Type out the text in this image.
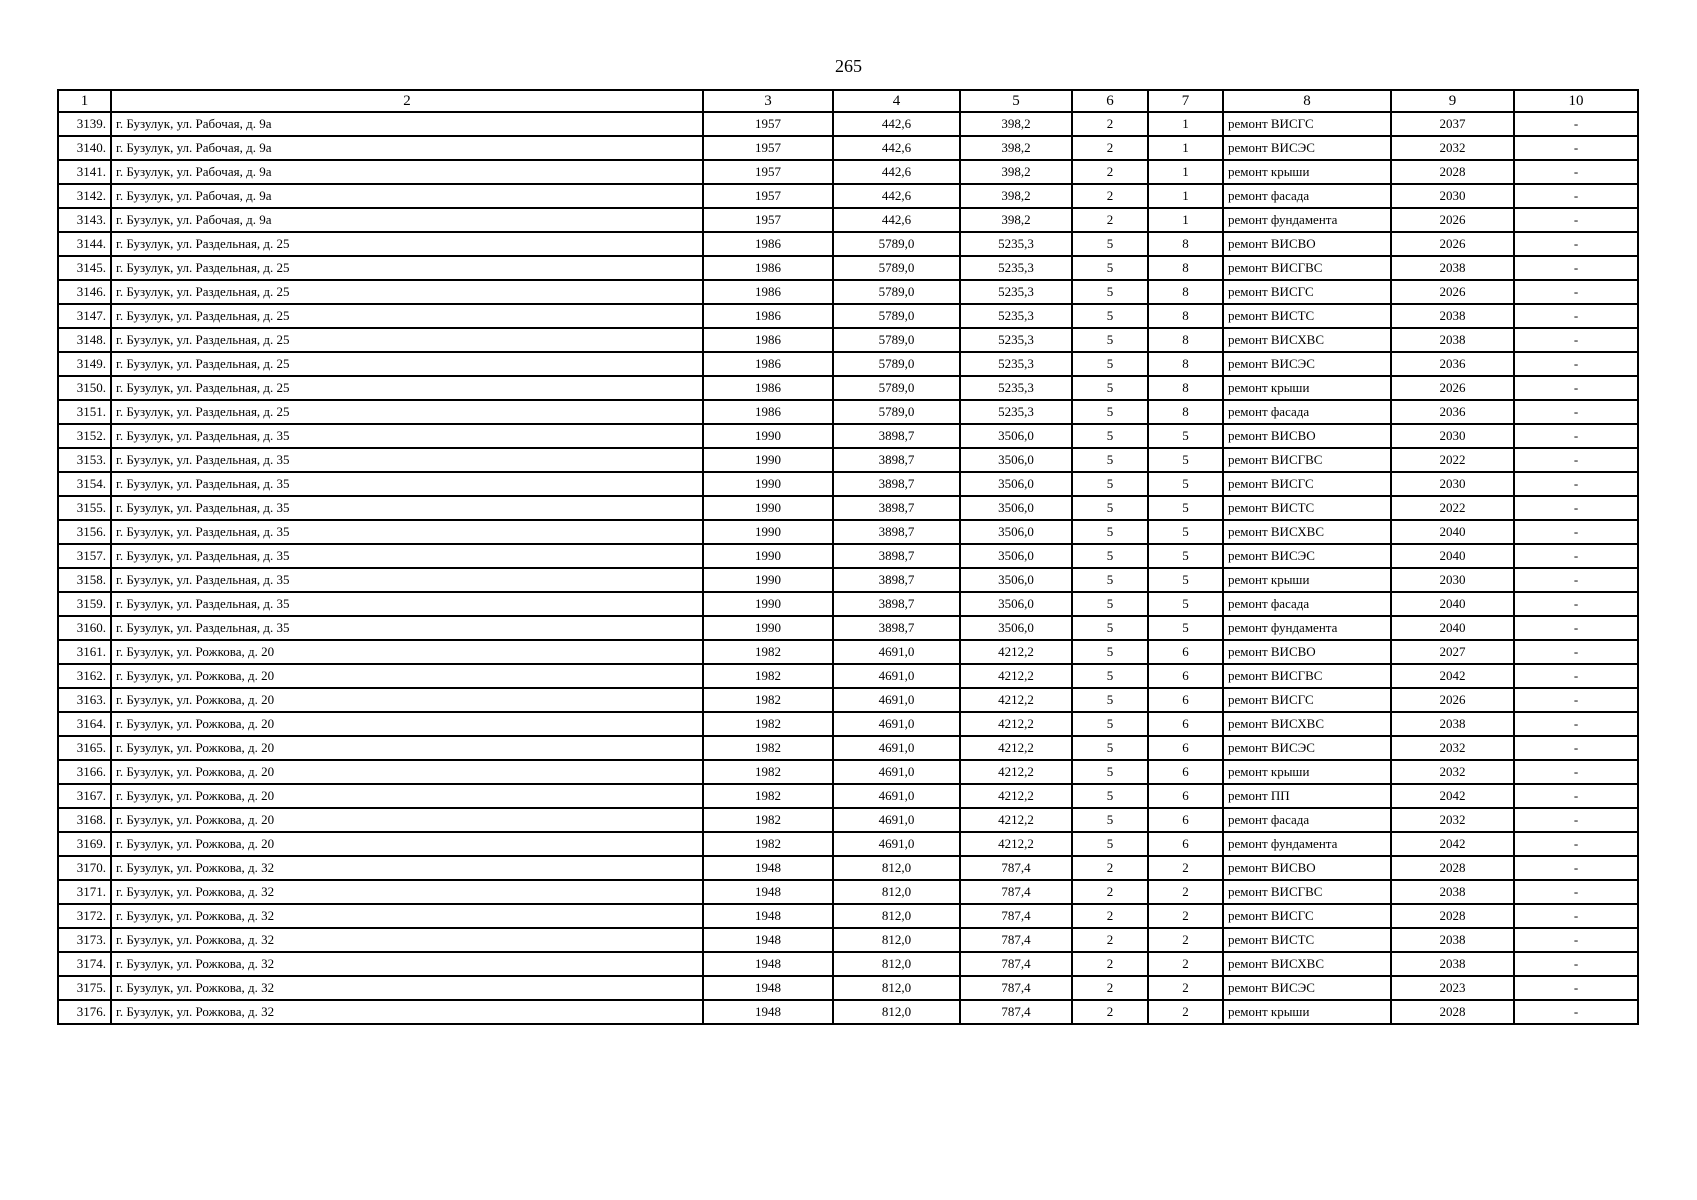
265
1	2	3	4	5	6	7	8	9	10
3139.	г. Бузулук, ул. Рабочая, д. 9а	1957	442,6	398,2	2	1	ремонт ВИСГС	2037	-
3140.	г. Бузулук, ул. Рабочая, д. 9а	1957	442,6	398,2	2	1	ремонт ВИСЭС	2032	-
3141.	г. Бузулук, ул. Рабочая, д. 9а	1957	442,6	398,2	2	1	ремонт крыши	2028	-
3142.	г. Бузулук, ул. Рабочая, д. 9а	1957	442,6	398,2	2	1	ремонт фасада	2030	-
3143.	г. Бузулук, ул. Рабочая, д. 9а	1957	442,6	398,2	2	1	ремонт фундамента	2026	-
3144.	г. Бузулук, ул. Раздельная, д. 25	1986	5789,0	5235,3	5	8	ремонт ВИСВО	2026	-
3145.	г. Бузулук, ул. Раздельная, д. 25	1986	5789,0	5235,3	5	8	ремонт ВИСГВС	2038	-
3146.	г. Бузулук, ул. Раздельная, д. 25	1986	5789,0	5235,3	5	8	ремонт ВИСГС	2026	-
3147.	г. Бузулук, ул. Раздельная, д. 25	1986	5789,0	5235,3	5	8	ремонт ВИСТС	2038	-
3148.	г. Бузулук, ул. Раздельная, д. 25	1986	5789,0	5235,3	5	8	ремонт ВИСХВС	2038	-
3149.	г. Бузулук, ул. Раздельная, д. 25	1986	5789,0	5235,3	5	8	ремонт ВИСЭС	2036	-
3150.	г. Бузулук, ул. Раздельная, д. 25	1986	5789,0	5235,3	5	8	ремонт крыши	2026	-
3151.	г. Бузулук, ул. Раздельная, д. 25	1986	5789,0	5235,3	5	8	ремонт фасада	2036	-
3152.	г. Бузулук, ул. Раздельная, д. 35	1990	3898,7	3506,0	5	5	ремонт ВИСВО	2030	-
3153.	г. Бузулук, ул. Раздельная, д. 35	1990	3898,7	3506,0	5	5	ремонт ВИСГВС	2022	-
3154.	г. Бузулук, ул. Раздельная, д. 35	1990	3898,7	3506,0	5	5	ремонт ВИСГС	2030	-
3155.	г. Бузулук, ул. Раздельная, д. 35	1990	3898,7	3506,0	5	5	ремонт ВИСТС	2022	-
3156.	г. Бузулук, ул. Раздельная, д. 35	1990	3898,7	3506,0	5	5	ремонт ВИСХВС	2040	-
3157.	г. Бузулук, ул. Раздельная, д. 35	1990	3898,7	3506,0	5	5	ремонт ВИСЭС	2040	-
3158.	г. Бузулук, ул. Раздельная, д. 35	1990	3898,7	3506,0	5	5	ремонт крыши	2030	-
3159.	г. Бузулук, ул. Раздельная, д. 35	1990	3898,7	3506,0	5	5	ремонт фасада	2040	-
3160.	г. Бузулук, ул. Раздельная, д. 35	1990	3898,7	3506,0	5	5	ремонт фундамента	2040	-
3161.	г. Бузулук, ул. Рожкова, д. 20	1982	4691,0	4212,2	5	6	ремонт ВИСВО	2027	-
3162.	г. Бузулук, ул. Рожкова, д. 20	1982	4691,0	4212,2	5	6	ремонт ВИСГВС	2042	-
3163.	г. Бузулук, ул. Рожкова, д. 20	1982	4691,0	4212,2	5	6	ремонт ВИСГС	2026	-
3164.	г. Бузулук, ул. Рожкова, д. 20	1982	4691,0	4212,2	5	6	ремонт ВИСХВС	2038	-
3165.	г. Бузулук, ул. Рожкова, д. 20	1982	4691,0	4212,2	5	6	ремонт ВИСЭС	2032	-
3166.	г. Бузулук, ул. Рожкова, д. 20	1982	4691,0	4212,2	5	6	ремонт крыши	2032	-
3167.	г. Бузулук, ул. Рожкова, д. 20	1982	4691,0	4212,2	5	6	ремонт ПП	2042	-
3168.	г. Бузулук, ул. Рожкова, д. 20	1982	4691,0	4212,2	5	6	ремонт фасада	2032	-
3169.	г. Бузулук, ул. Рожкова, д. 20	1982	4691,0	4212,2	5	6	ремонт фундамента	2042	-
3170.	г. Бузулук, ул. Рожкова, д. 32	1948	812,0	787,4	2	2	ремонт ВИСВО	2028	-
3171.	г. Бузулук, ул. Рожкова, д. 32	1948	812,0	787,4	2	2	ремонт ВИСГВС	2038	-
3172.	г. Бузулук, ул. Рожкова, д. 32	1948	812,0	787,4	2	2	ремонт ВИСГС	2028	-
3173.	г. Бузулук, ул. Рожкова, д. 32	1948	812,0	787,4	2	2	ремонт ВИСТС	2038	-
3174.	г. Бузулук, ул. Рожкова, д. 32	1948	812,0	787,4	2	2	ремонт ВИСХВС	2038	-
3175.	г. Бузулук, ул. Рожкова, д. 32	1948	812,0	787,4	2	2	ремонт ВИСЭС	2023	-
3176.	г. Бузулук, ул. Рожкова, д. 32	1948	812,0	787,4	2	2	ремонт крыши	2028	-
